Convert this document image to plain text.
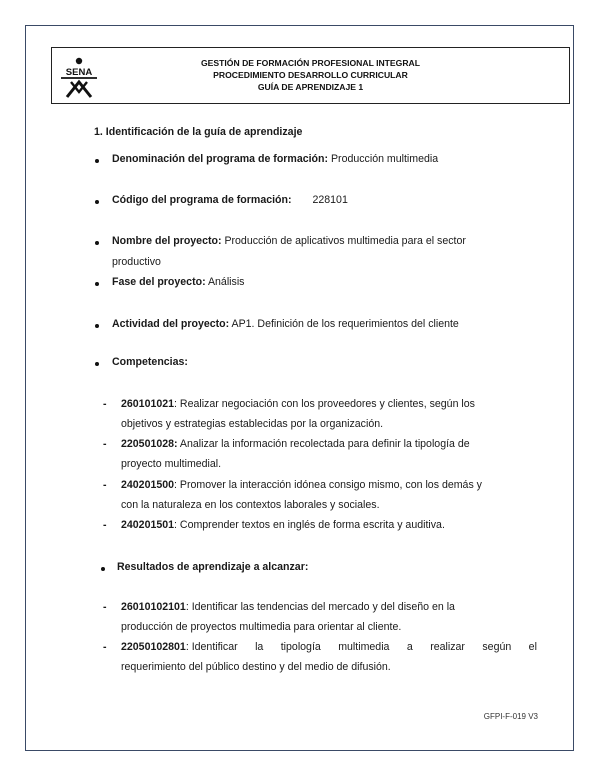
SENA
GESTIÓN DE FORMACIÓN PROFESIONAL INTEGRAL
PROCEDIMIENTO DESARROLLO CURRICULAR
GUÍA DE APRENDIZAJE 1
1. Identificación de la guía de aprendizaje
Denominación del programa de formación: Producción multimedia
Código del programa de formación: 228101
Nombre del proyecto: Producción de aplicativos multimedia para el sector
productivo
Fase del proyecto: Análisis
Actividad del proyecto: AP1. Definición de los requerimientos del cliente
Competencias:
- 260101021: Realizar negociación con los proveedores y clientes, según los
objetivos y estrategias establecidas por la organización.
- 220501028: Analizar la información recolectada para definir la tipología de
proyecto multimedial.
- 240201500: Promover la interacción idónea consigo mismo, con los demás y
con la naturaleza en los contextos laborales y sociales.
- 240201501: Comprender textos en inglés de forma escrita y auditiva.
Resultados de aprendizaje a alcanzar:
- 26010102101: Identificar las tendencias del mercado y del diseño en la
producción de proyectos multimedia para orientar al cliente.
- 22050102801: Identificar la tipología multimedia a realizar según el
requerimiento del público destino y del medio de difusión.
GFPI-F-019 V3
